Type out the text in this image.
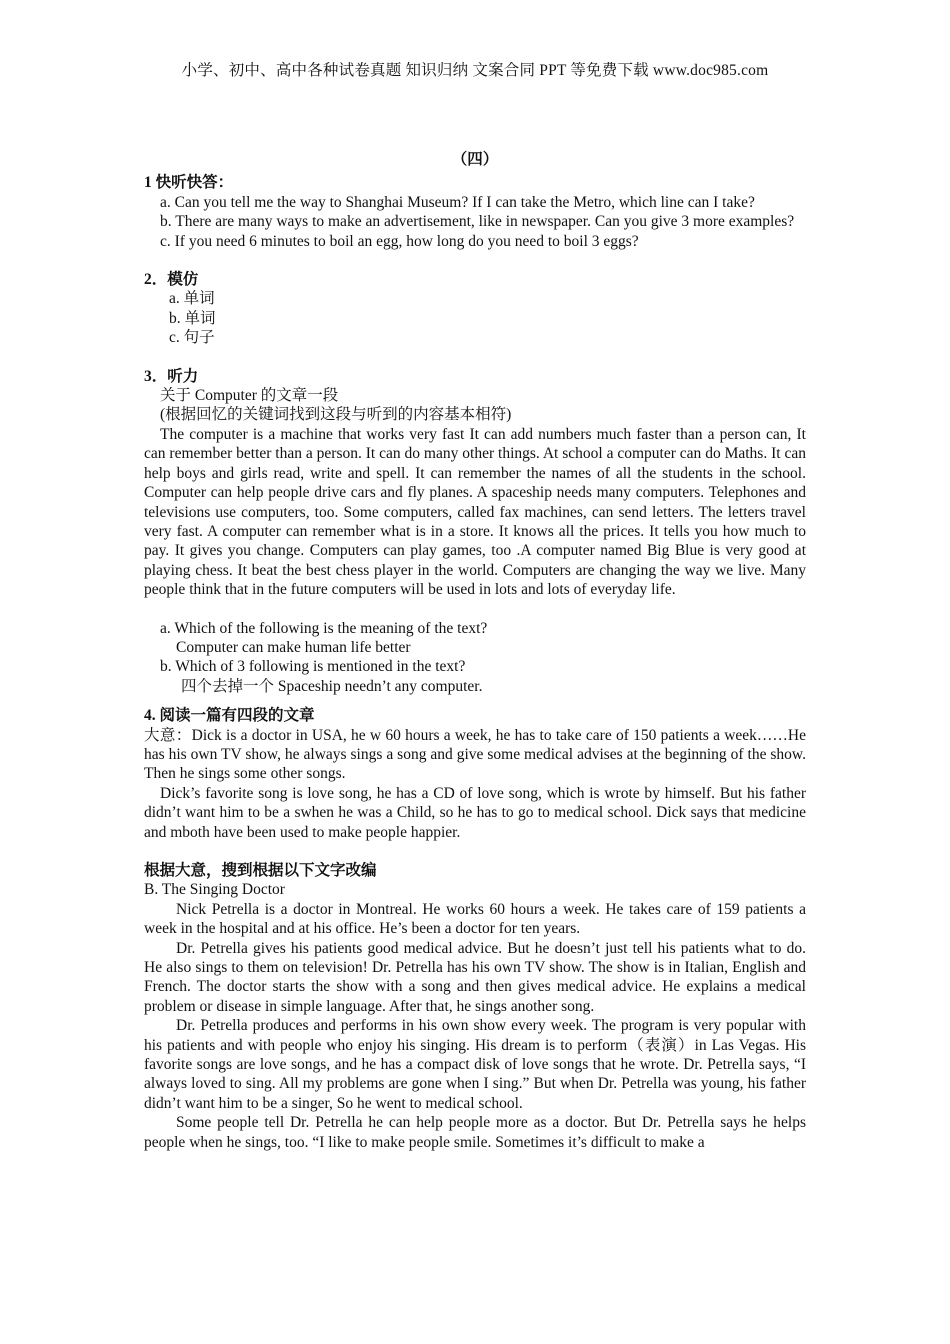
小学、初中、高中各种试卷真题 知识归纳 文案合同 PPT 等免费下载 www.doc985.com
（四）
1 快听快答：
a. Can you tell me the way to Shanghai Museum? If I can take the Metro, which line can I take?
b. There are many ways to make an advertisement, like in newspaper. Can you give 3 more examples?
c. If you need 6 minutes to boil an egg, how long do you need to boil 3 eggs?
2．模仿
a. 单词
b. 单词
c. 句子
3．听力
关于 Computer 的文章一段
(根据回忆的关键词找到这段与听到的内容基本相符)
The computer is a machine that works very fast It can add numbers much faster than a person can, It can remember better than a person. It can do many other things. At school a computer can do Maths. It can help boys and girls read, write and spell. It can remember the names of all the students in the school. Computer can help people drive cars and fly planes. A spaceship needs many computers. Telephones and televisions use computers, too. Some computers, called fax machines, can send letters. The letters travel very fast. A computer can remember what is in a store. It knows all the prices. It tells you how much to pay. It gives you change. Computers can play games, too .A computer named Big Blue is very good at playing chess. It beat the best chess player in the world. Computers are changing the way we live. Many people think that in the future computers will be used in lots and lots of everyday life.
a. Which of the following is the meaning of the text?
Computer can make human life better
b. Which of 3 following is mentioned in the text?
四个去掉一个 Spaceship needn’t any computer.
4. 阅读一篇有四段的文章
大意：Dick is a doctor in USA, he w 60 hours a week, he has to take care of 150 patients a week……He has his own TV show, he always sings a song and give some medical advises at the beginning of the show. Then he sings some other songs.
Dick’s favorite song is love song, he has a CD of love song, which is wrote by himself. But his father didn’t want him to be a swhen he was a Child, so he has to go to medical school. Dick says that medicine and mboth have been used to make people happier.
根据大意，搜到根据以下文字改编
B. The Singing Doctor
Nick Petrella is a doctor in Montreal. He works 60 hours a week. He takes care of 159 patients a week in the hospital and at his office. He’s been a doctor for ten years.
Dr. Petrella gives his patients good medical advice. But he doesn’t just tell his patients what to do. He also sings to them on television! Dr. Petrella has his own TV show. The show is in Italian, English and French. The doctor starts the show with a song and then gives medical advice. He explains a medical problem or disease in simple language. After that, he sings another song.
Dr. Petrella produces and performs in his own show every week. The program is very popular with his patients and with people who enjoy his singing. His dream is to perform（表演）in Las Vegas. His favorite songs are love songs, and he has a compact disk of love songs that he wrote. Dr. Petrella says, “I always loved to sing. All my problems are gone when I sing.” But when Dr. Petrella was young, his father didn’t want him to be a singer, So he went to medical school.
Some people tell Dr. Petrella he can help people more as a doctor. But Dr. Petrella says he helps people when he sings, too. “I like to make people smile. Sometimes it’s difficult to make a
